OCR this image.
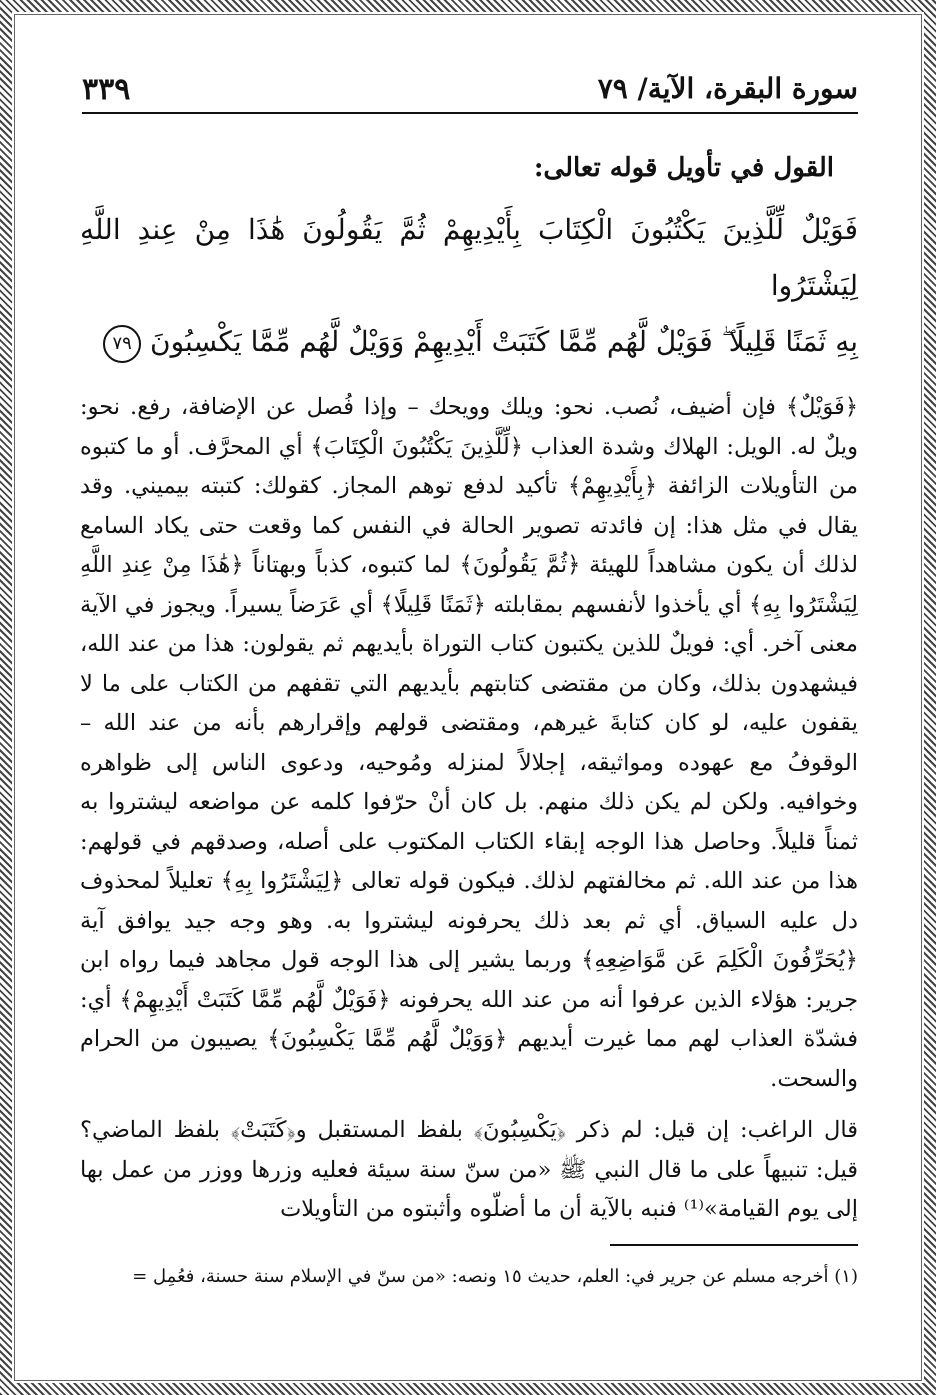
٣٣٩	سورة البقرة، الآية/ ٧٩
القول في تأويل قوله تعالى:
فَوَيْلٌ لِّلَّذِينَ يَكْتُبُونَ الْكِتَابَ بِأَيْدِيهِمْ ثُمَّ يَقُولُونَ هَٰذَا مِنْ عِندِ اللَّهِ لِيَشْتَرُوا
بِهِ ثَمَنًا قَلِيلًا ۖ فَوَيْلٌ لَّهُم مِّمَّا كَتَبَتْ أَيْدِيهِمْ وَوَيْلٌ لَّهُم مِّمَّا يَكْسِبُونَ ٧٩

﴿فَوَيْلٌ﴾ فإن أضيف، نُصب. نحو: ويلك وويحك – وإذا فُصل عن الإضافة، رفع. نحو: ويلٌ له. الويل: الهلاك وشدة العذاب ﴿لِّلَّذِينَ يَكْتُبُونَ الْكِتَابَ﴾ أي المحرَّف. أو ما كتبوه من التأويلات الزائفة ﴿بِأَيْدِيهِمْ﴾ تأكيد لدفع توهم المجاز. كقولك: كتبته بيميني. وقد يقال في مثل هذا: إن فائدته تصوير الحالة في النفس كما وقعت حتى يكاد السامع لذلك أن يكون مشاهداً للهيئة ﴿ثُمَّ يَقُولُونَ﴾ لما كتبوه، كذباً وبهتاناً ﴿هَٰذَا مِنْ عِندِ اللَّهِ لِيَشْتَرُوا بِهِ﴾ أي يأخذوا لأنفسهم بمقابلته ﴿ثَمَنًا قَلِيلًا﴾ أي عَرَضاً يسيراً. ويجوز في الآية معنى آخر. أي: فويلٌ للذين يكتبون كتاب التوراة بأيديهم ثم يقولون: هذا من عند الله، فيشهدون بذلك، وكان من مقتضى كتابتهم بأيديهم التي تقفهم من الكتاب على ما لا يقفون عليه، لو كان كتابةَ غيرهم، ومقتضى قولهم وإقرارهم بأنه من عند الله – الوقوفُ مع عهوده ومواثيقه، إجلالاً لمنزله ومُوحيه، ودعوى الناس إلى ظواهره وخوافيه. ولكن لم يكن ذلك منهم. بل كان أنْ حرّفوا كلمه عن مواضعه ليشتروا به ثمناً قليلاً. وحاصل هذا الوجه إبقاء الكتاب المكتوب على أصله، وصدقهم في قولهم: هذا من عند الله. ثم مخالفتهم لذلك. فيكون قوله تعالى ﴿لِيَشْتَرُوا بِهِ﴾ تعليلاً لمحذوف دل عليه السياق. أي ثم بعد ذلك يحرفونه ليشتروا به. وهو وجه جيد يوافق آية ﴿يُحَرِّفُونَ الْكَلِمَ عَن مَّوَاضِعِهِ﴾ وربما يشير إلى هذا الوجه قول مجاهد فيما رواه ابن جرير: هؤلاء الذين عرفوا أنه من عند الله يحرفونه ﴿فَوَيْلٌ لَّهُم مِّمَّا كَتَبَتْ أَيْدِيهِمْ﴾ أي: فشدّة العذاب لهم مما غيرت أيديهم ﴿وَوَيْلٌ لَّهُم مِّمَّا يَكْسِبُونَ﴾ يصيبون من الحرام والسحت.

قال الراغب: إن قيل: لم ذكر ﴿يَكْسِبُونَ﴾ بلفظ المستقبل و﴿كَتَبَتْ﴾ بلفظ الماضي؟ قيل: تنبيهاً على ما قال النبي ﷺ «من سنّ سنة سيئة فعليه وزرها ووزر من عمل بها إلى يوم القيامة»⁽¹⁾ فنبه بالآية أن ما أضلّوه وأثبتوه من التأويلات

(١) أخرجه مسلم عن جرير في: العلم، حديث ١٥ ونصه: «من سنّ في الإسلام سنة حسنة، فعُمِل =
